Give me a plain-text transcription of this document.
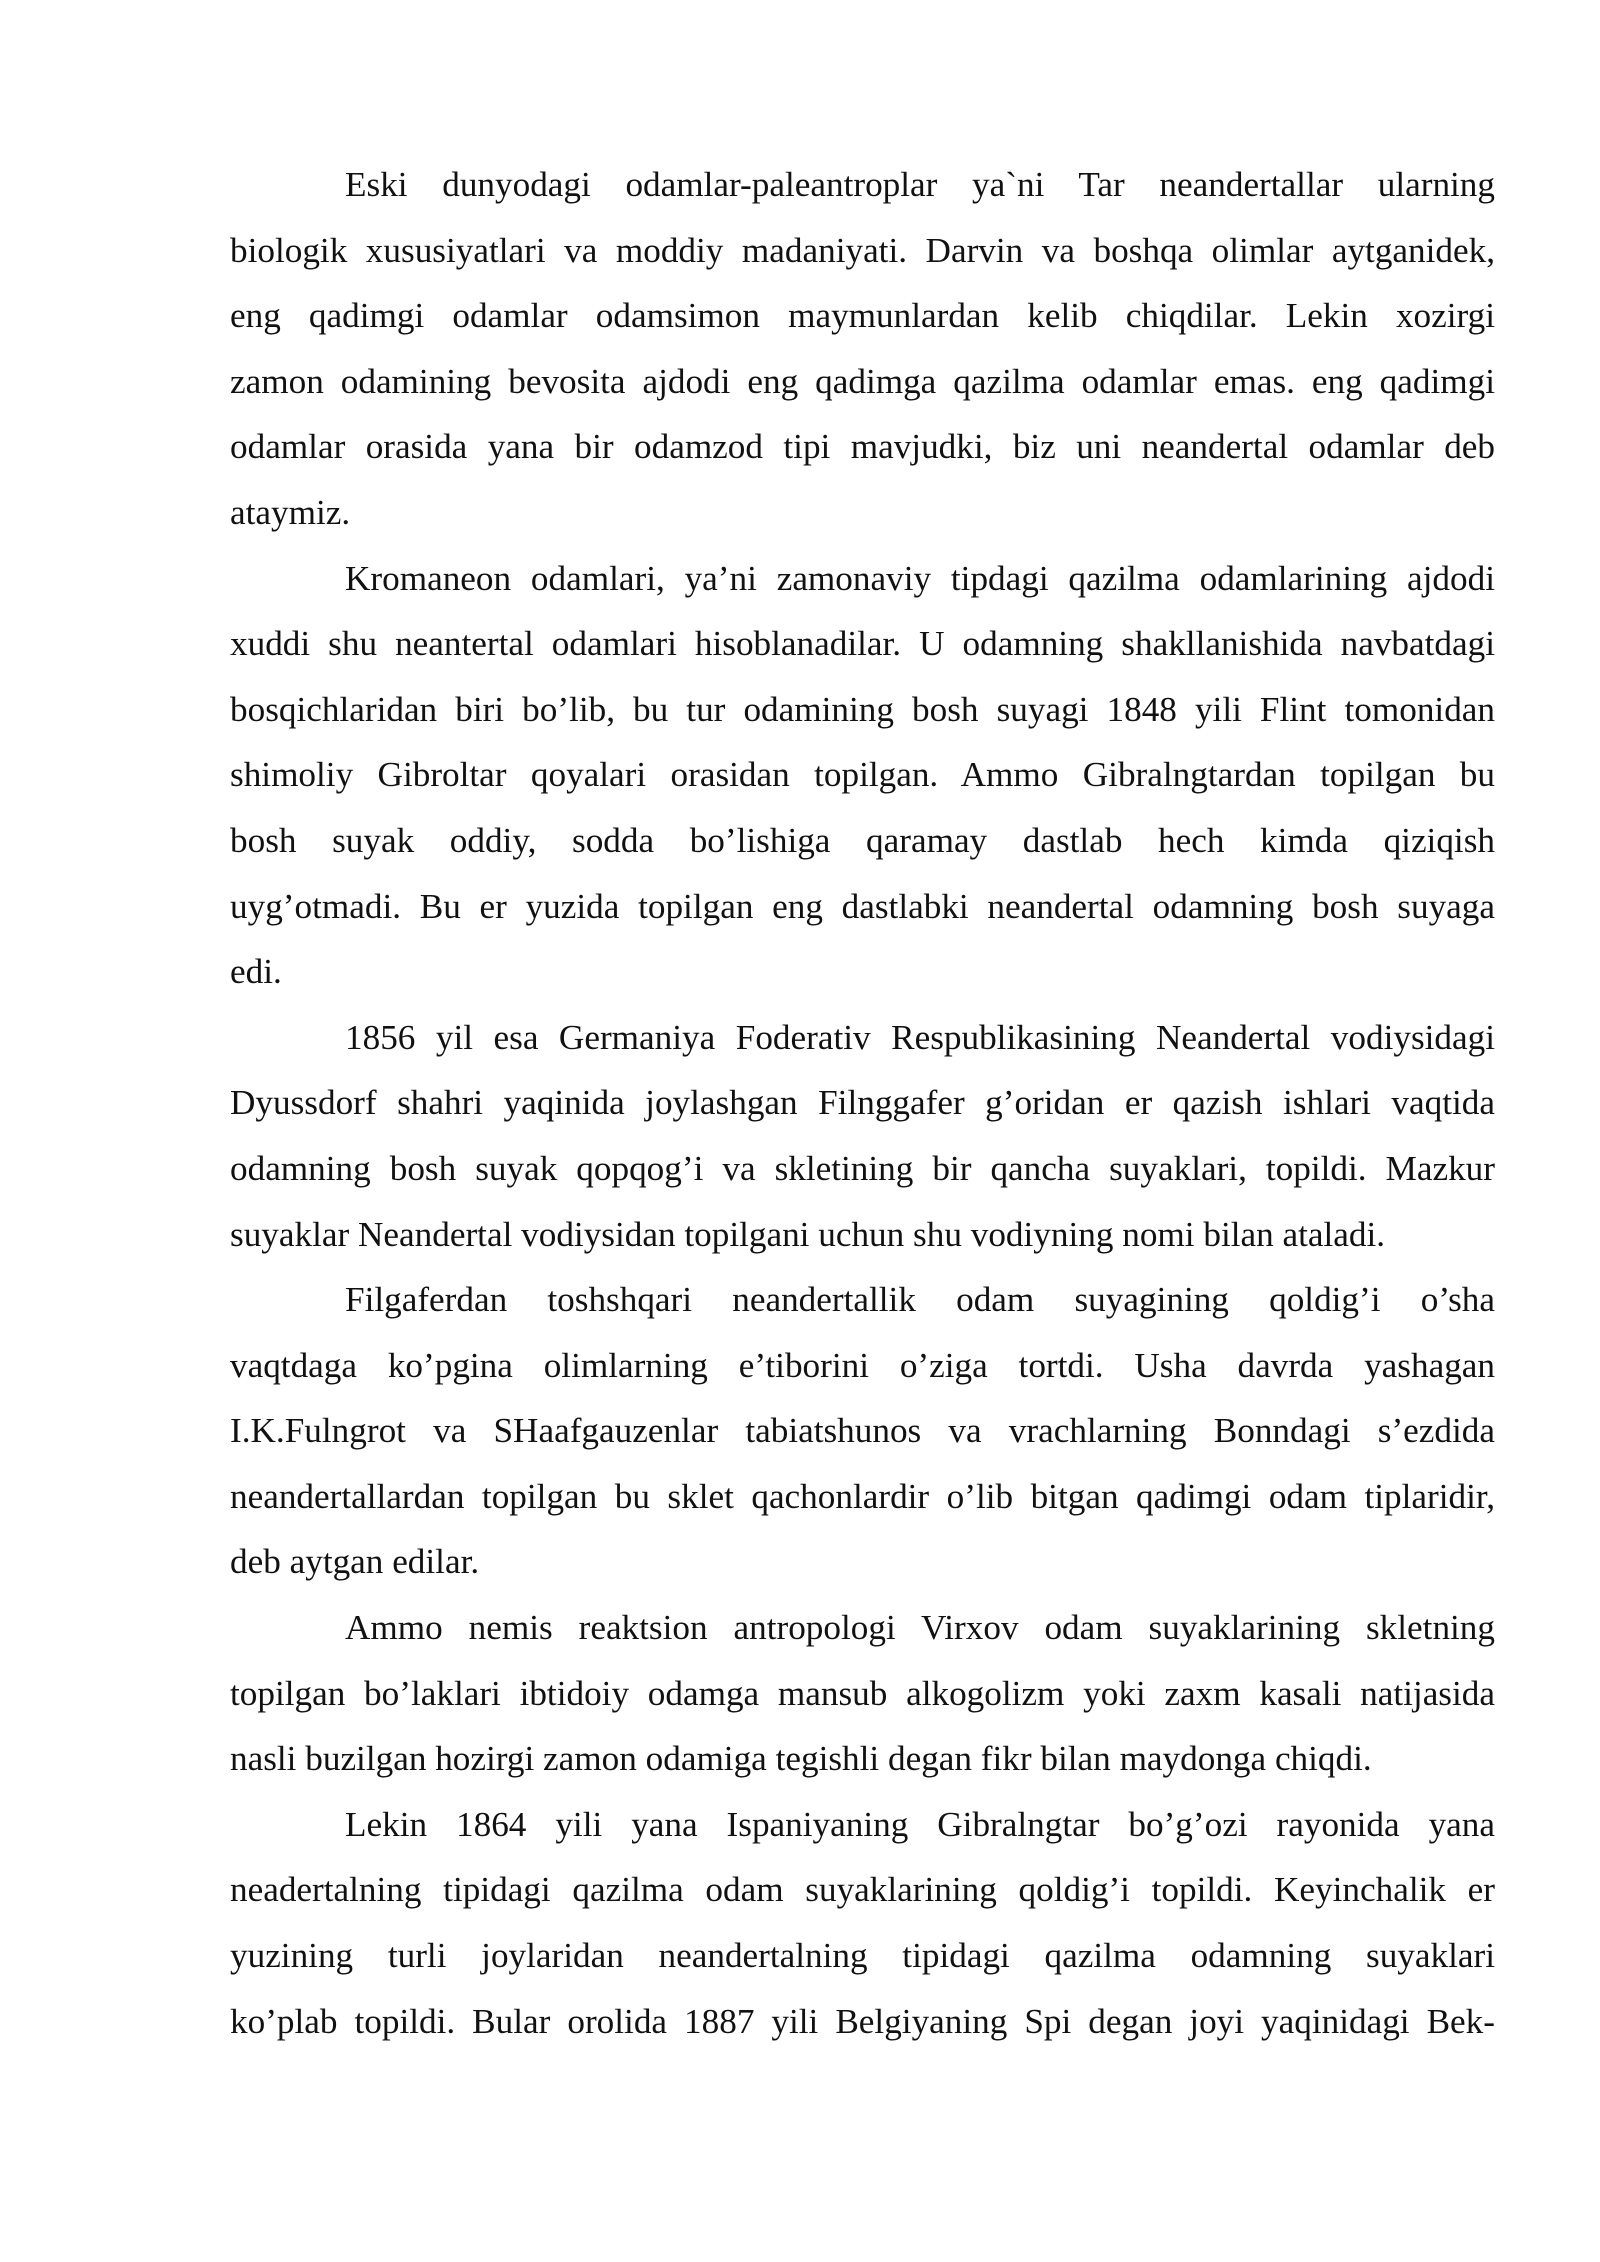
Eski dunyodagi odamlar-paleantroplar ya`ni Tar neandertallar ularning
biologik xususiyatlari va moddiy madaniyati. Darvin va boshqa olimlar aytganidek,
eng qadimgi odamlar odamsimon maymunlardan kelib chiqdilar. Lekin xozirgi
zamon odamining bevosita ajdodi eng qadimga qazilma odamlar emas. eng qadimgi
odamlar orasida yana bir odamzod tipi mavjudki, biz uni neandertal odamlar deb
ataymiz.

Kromaneon odamlari, ya’ni zamonaviy tipdagi qazilma odamlarining ajdodi
xuddi shu neantertal odamlari hisoblanadilar. U odamning shakllanishida navbatdagi
bosqichlaridan biri bo’lib, bu tur odamining bosh suyagi 1848 yili Flint tomonidan
shimoliy Gibroltar qoyalari orasidan topilgan. Ammo Gibralngtardan topilgan bu
bosh suyak oddiy, sodda bo’lishiga qaramay dastlab hech kimda qiziqish
uyg’otmadi. Bu er yuzida topilgan eng dastlabki neandertal odamning bosh suyaga
edi.

1856 yil esa Germaniya Foderativ Respublikasining Neandertal vodiysidagi
Dyussdorf shahri yaqinida joylashgan Filnggafer g’oridan er qazish ishlari vaqtida
odamning bosh suyak qopqog’i va skletining bir qancha suyaklari, topildi. Mazkur
suyaklar Neandertal vodiysidan topilgani uchun shu vodiyning nomi bilan ataladi.

Filgaferdan toshshqari neandertallik odam suyagining qoldig’i o’sha
vaqtdaga ko’pgina olimlarning e’tiborini o’ziga tortdi. Usha davrda yashagan
I.K.Fulngrot va SHaafgauzenlar tabiatshunos va vrachlarning Bonndagi s’ezdida
neandertallardan topilgan bu sklet qachonlardir o’lib bitgan qadimgi odam tiplaridir,
deb aytgan edilar.

Ammo nemis reaktsion antropologi Virxov odam suyaklarining skletning
topilgan bo’laklari ibtidoiy odamga mansub alkogolizm yoki zaxm kasali natijasida
nasli buzilgan hozirgi zamon odamiga tegishli degan fikr bilan maydonga chiqdi.

Lekin 1864 yili yana Ispaniyaning Gibralngtar bo’g’ozi rayonida yana
neadertalning tipidagi qazilma odam suyaklarining qoldig’i topildi. Keyinchalik er
yuzining turli joylaridan neandertalning tipidagi qazilma odamning suyaklari
ko’plab topildi. Bular orolida 1887 yili Belgiyaning Spi degan joyi yaqinidagi Bek-
